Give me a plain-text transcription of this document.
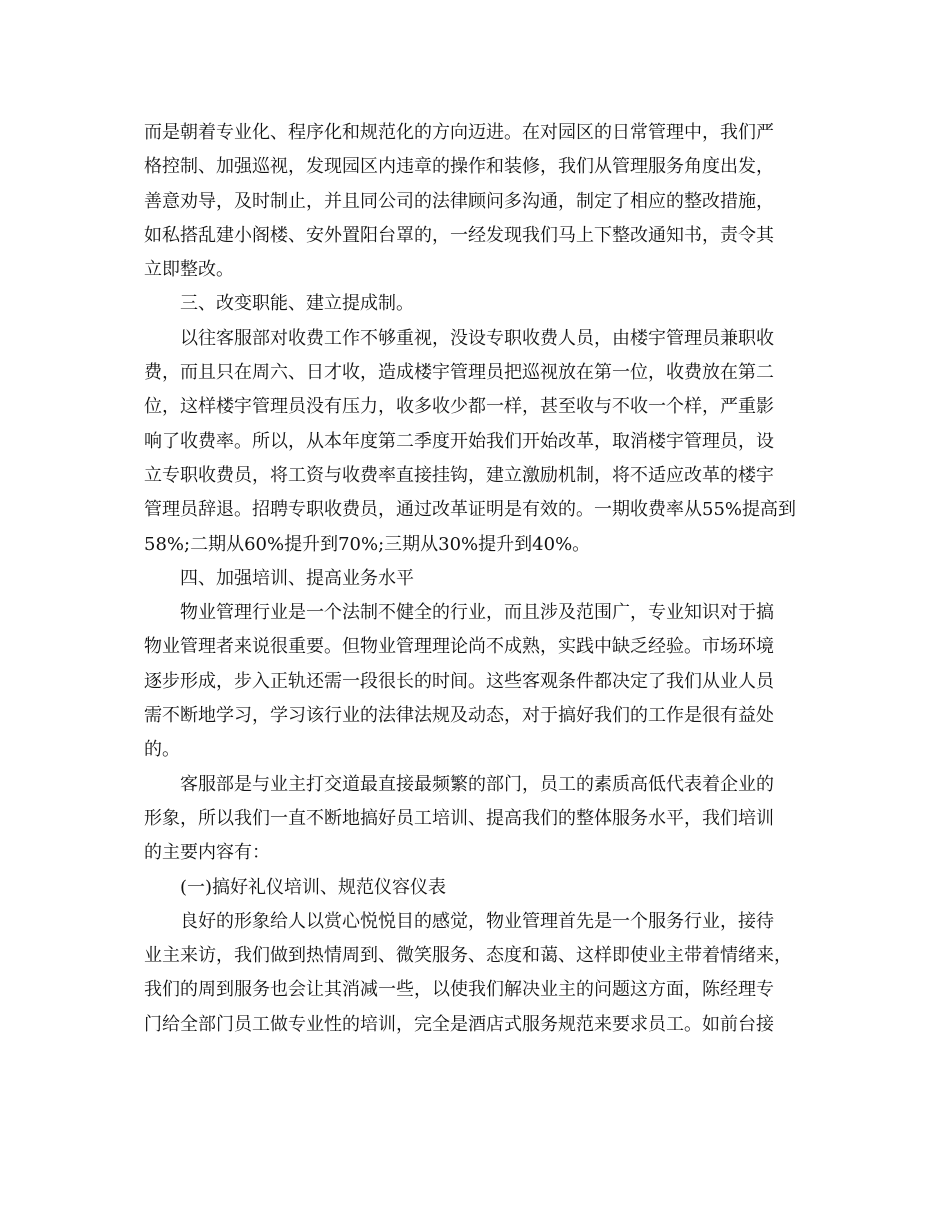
而是朝着专业化、程序化和规范化的方向迈进。在对园区的日常管理中，我们严
格控制、加强巡视，发现园区内违章的操作和装修，我们从管理服务角度出发，
善意劝导，及时制止，并且同公司的法律顾问多沟通，制定了相应的整改措施，
如私搭乱建小阁楼、安外置阳台罩的，一经发现我们马上下整改通知书，责令其
立即整改。
三、改变职能、建立提成制。
以往客服部对收费工作不够重视，没设专职收费人员，由楼宇管理员兼职收
费，而且只在周六、日才收，造成楼宇管理员把巡视放在第一位，收费放在第二
位，这样楼宇管理员没有压力，收多收少都一样，甚至收与不收一个样，严重影
响了收费率。所以，从本年度第二季度开始我们开始改革，取消楼宇管理员，设
立专职收费员，将工资与收费率直接挂钩，建立激励机制，将不适应改革的楼宇
管理员辞退。招聘专职收费员，通过改革证明是有效的。一期收费率从55%提高到
58%;二期从60%提升到70%;三期从30%提升到40%。
四、加强培训、提高业务水平
物业管理行业是一个法制不健全的行业，而且涉及范围广，专业知识对于搞
物业管理者来说很重要。但物业管理理论尚不成熟，实践中缺乏经验。市场环境
逐步形成，步入正轨还需一段很长的时间。这些客观条件都决定了我们从业人员
需不断地学习，学习该行业的法律法规及动态，对于搞好我们的工作是很有益处
的。
客服部是与业主打交道最直接最频繁的部门，员工的素质高低代表着企业的
形象，所以我们一直不断地搞好员工培训、提高我们的整体服务水平，我们培训
的主要内容有：
(一)搞好礼仪培训、规范仪容仪表
良好的形象给人以赏心悦悦目的感觉，物业管理首先是一个服务行业，接待
业主来访，我们做到热情周到、微笑服务、态度和蔼、这样即使业主带着情绪来，
我们的周到服务也会让其消减一些，以使我们解决业主的问题这方面，陈经理专
门给全部门员工做专业性的培训，完全是酒店式服务规范来要求员工。如前台接
